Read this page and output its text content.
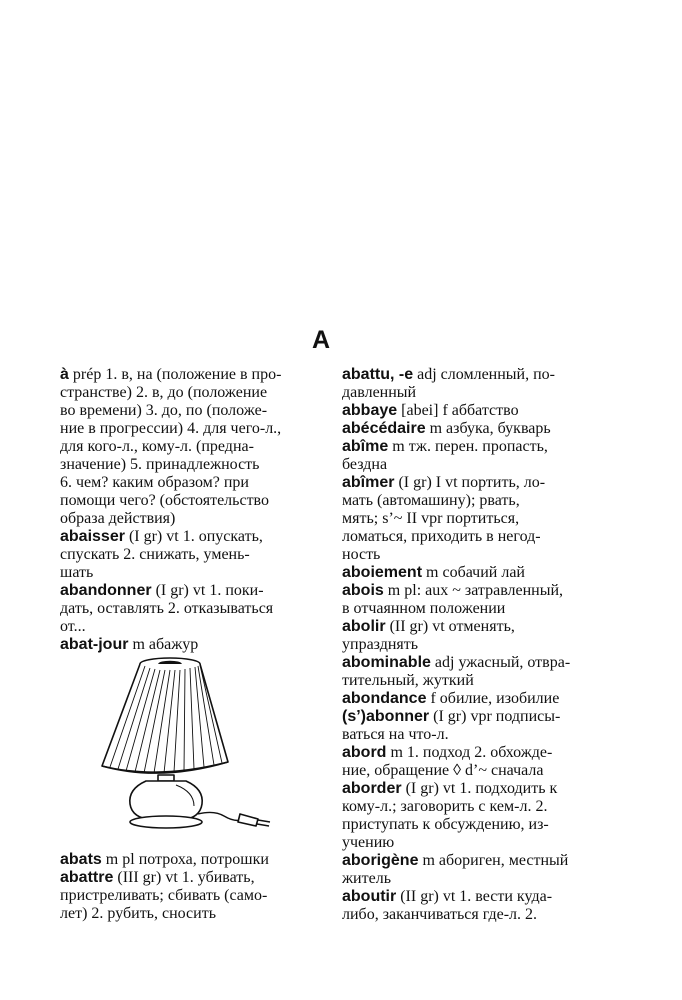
A
à prép 1. в, на (положение в про-
странстве) 2. в, до (положение
во времени) 3. до, по (положе-
ние в прогрессии) 4. для чего-л.,
для кого-л., кому-л. (предна-
значение) 5. принадлежность
6. чем? каким образом? при
помощи чего? (обстоятельство
образа действия)
abaisser (I gr) vt 1. опускать,
спускать 2. снижать, умень-
шать
abandonner (I gr) vt 1. поки-
дать, оставлять 2. отказываться
от...
abat-jour m абажур
abats m pl потроха, потрошки
abattre (III gr) vt 1. убивать,
пристреливать; сбивать (само-
лет) 2. рубить, сносить
abattu, -e adj сломленный, по-
давленный
abbaye [abei] f аббатство
abécédaire m азбука, букварь
abîme m тж. перен. пропасть,
бездна
abîmer (I gr) I vt портить, ло-
мать (автомашину); рвать,
мять; s’~ II vpr портиться,
ломаться, приходить в негод-
ность
aboiement m собачий лай
abois m pl: aux ~ затравленный,
в отчаянном положении
abolir (II gr) vt отменять,
упразднять
abominable adj ужасный, отвра-
тительный, жуткий
abondance f обилие, изобилие
(s’)abonner (I gr) vpr подписы-
ваться на что-л.
abord m 1. подход 2. обхожде-
ние, обращение ◊ d’~ сначала
aborder (I gr) vt 1. подходить к
кому-л.; заговорить с кем-л. 2.
приступать к обсуждению, из-
учению
aborigène m абориген, местный
житель
aboutir (II gr) vt 1. вести куда-
либо, заканчиваться где-л. 2.
